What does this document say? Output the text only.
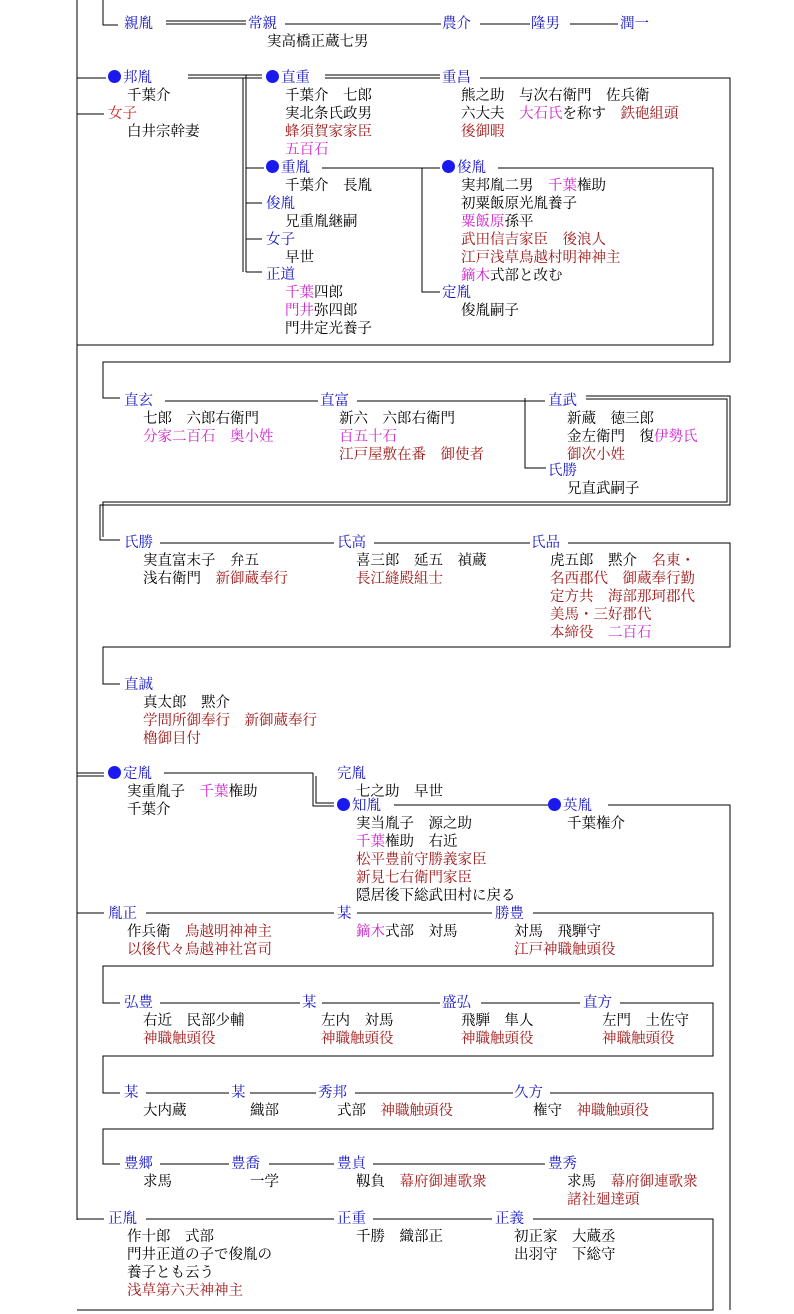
親胤	常親
実高橋正蔵七男
農介	隆男	潤一
邦胤
千葉介
女子
白井宗幹妻
直重
千葉介　七郎
実北条氏政男
蜂須賀家家臣
五百石
重昌
熊之助　与次右衛門　佐兵衛
六大夫　大石氏を称す　鉄砲組頭
後御暇
重胤
千葉介　長胤
俊胤
兄重胤継嗣
女子
早世
正道
千葉四郎
門井弥四郎
門井定光養子
俊胤
実邦胤二男　千葉権助
初粟飯原光胤養子
粟飯原孫平
武田信吉家臣　後浪人
江戸浅草鳥越村明神神主
鏑木式部と改む
定胤
俊胤嗣子
直玄
七郎　六郎右衛門
分家二百石　奥小姓
直富
新六　六郎右衛門
百五十石
江戸屋敷在番　御使者
直武
新蔵　徳三郎
金左衛門　復伊勢氏
御次小姓
氏勝
兄直武嗣子
氏勝
実直富末子　弁五
浅右衛門　新御蔵奉行
氏高
喜三郎　延五　禎蔵
長江縫殿組士
氏品
虎五郎　黙介　名東・
名西郡代　御蔵奉行勤
定方共　海部那珂郡代
美馬・三好郡代
本締役　二百石
直誠
真太郎　黙介
学問所御奉行　新御蔵奉行
櫓御目付
定胤
実重胤子　千葉権助
千葉介
完胤
七之助　早世
知胤
実当胤子　源之助
千葉権助　右近
松平豊前守勝義家臣
新見七右衛門家臣
隠居後下総武田村に戻る
英胤
千葉権介
胤正
作兵衛　鳥越明神神主
以後代々鳥越神社宮司
某
鏑木式部　対馬
勝豊
対馬　飛騨守
江戸神職触頭役
弘豊
右近　民部少輔
神職触頭役
某
左内　対馬
神職触頭役
盛弘
飛騨　隼人
神職触頭役
直方
左門　土佐守
神職触頭役
某
大内蔵
某
織部
秀邦
式部　神職触頭役
久方
権守　神職触頭役
豊郷
求馬
豊喬
一学
豊貞
靱負　幕府御連歌衆
豊秀
求馬　幕府御連歌衆
諸社廻達頭
正胤
作十郎　式部
門井正道の子で俊胤の
養子とも云う
浅草第六天神神主
正重
千勝　織部正
正義
初正家　大蔵丞
出羽守　下総守
